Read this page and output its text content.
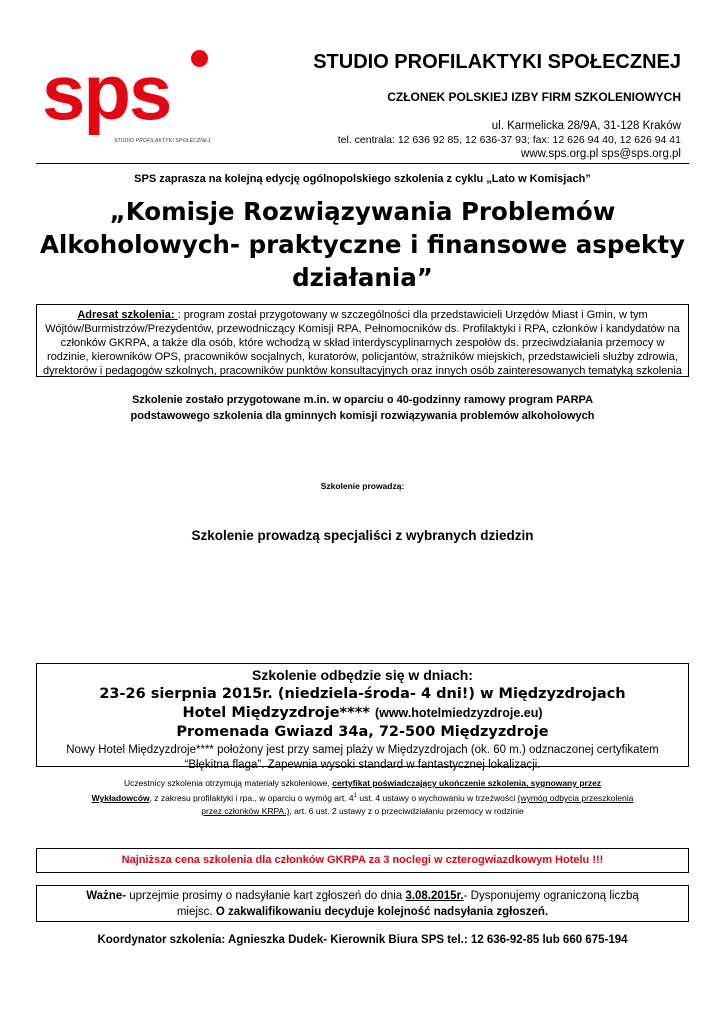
sps
STUDIO PROFILAKTYKI SPOŁECZNEJ
STUDIO PROFILAKTYKI SPOŁECZNEJ
CZŁONEK POLSKIEJ IZBY FIRM SZKOLENIOWYCH
ul. Karmelicka 28/9A, 31-128 Kraków
tel. centrala: 12 636 92 85, 12 636-37 93; fax: 12 626 94 40, 12 626 94 41
www.sps.org.pl sps@sps.org.pl
SPS zaprasza na kolejną edycję ogólnopolskiego szkolenia z cyklu „Lato w Komisjach”
„Komisje Rozwiązywania Problemów
Alkoholowych- praktyczne i finansowe aspekty
działania”
Adresat szkolenia: : program został przygotowany w szczególności dla przedstawicieli Urzędów Miast i Gmin, w tym Wójtów/Burmistrzów/Prezydentów, przewodniczący Komisji RPA, Pełnomocników ds. Profilaktyki i RPA, członków i kandydatów na członków GKRPA, a także dla osób, które wchodzą w skład interdyscyplinarnych zespołów ds. przeciwdziałania przemocy w rodzinie, kierowników OPS, pracowników socjalnych, kuratorów, policjantów, strażników miejskich, przedstawicieli służby zdrowia, dyrektorów i pedagogów szkolnych, pracowników punktów konsultacyjnych oraz innych osób zainteresowanych tematyką szkolenia
Szkolenie zostało przygotowane m.in. w oparciu o 40-godzinny ramowy program PARPA
podstawowego szkolenia dla gminnych komisji rozwiązywania problemów alkoholowych
Szkolenie prowadzą:
Szkolenie prowadzą specjaliści z wybranych dziedzin
Szkolenie odbędzie się w dniach:
23-26 sierpnia 2015r. (niedziela-środa- 4 dni!) w Międzyzdrojach
Hotel Międzyzdroje**** (www.hotelmiedzyzdroje.eu)
Promenada Gwiazd 34a, 72-500 Międzyzdroje
Nowy Hotel Międzyzdroje**** położony jest przy samej plaży w Międzyzdrojach (ok. 60 m.) odznaczonej certyfikatem
“Błękitna flaga”. Zapewnia wysoki standard w fantastycznej lokalizacji.
Uczestnicy szkolenia otrzymują materiały szkoleniowe, certyfikat poświadczający ukończenie szkolenia, sygnowany przez
Wykładowców, z zakresu profilaktyki i rpa., w oparciu o wymóg art. $4^1$ ust. 4 ustawy o wychowaniu w trzeźwości (wymóg odbycia przeszkolenia
przez członków KRPA.), art. 6 ust. 2 ustawy z o przeciwdziałaniu przemocy w rodzinie
Najniższa cena szkolenia dla członków GKRPA za 3 noclegi w czterogwiazdkowym Hotelu !!!
Ważne- uprzejmie prosimy o nadsyłanie kart zgłoszeń do dnia 3.08.2015r.- Dysponujemy ograniczoną liczbą
miejsc. O zakwalifikowaniu decyduje kolejność nadsyłania zgłoszeń.
Koordynator szkolenia: Agnieszka Dudek- Kierownik Biura SPS tel.: 12 636-92-85 lub 660 675-194
